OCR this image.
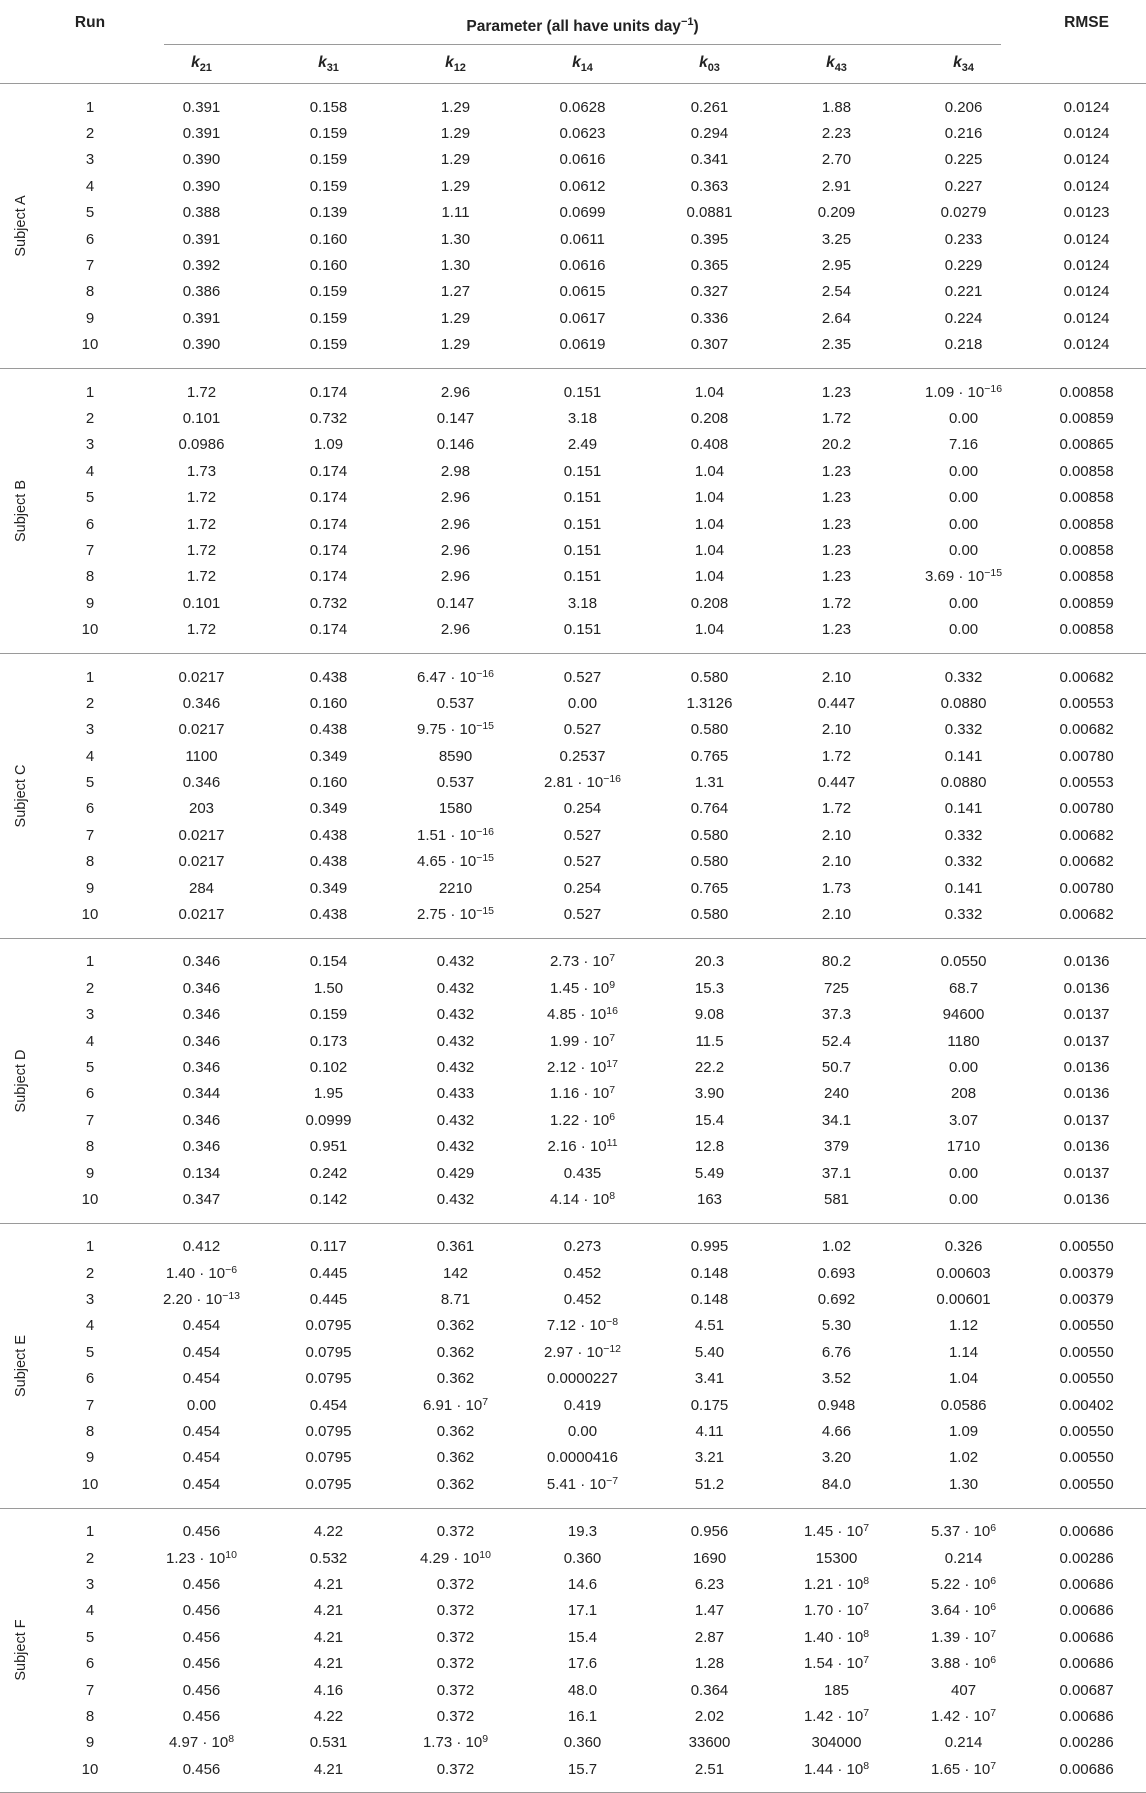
	Run	Parameter (all have units day$^{-1}$)							RMSE
		$k_{21}$	$k_{31}$	$k_{12}$	$k_{14}$	$k_{03}$	$k_{43}$	$k_{34}$

Subject A	1	0.391	0.158	1.29	0.0628	0.261	1.88	0.206	0.0124
	2	0.391	0.159	1.29	0.0623	0.294	2.23	0.216	0.0124
	3	0.390	0.159	1.29	0.0616	0.341	2.70	0.225	0.0124
	4	0.390	0.159	1.29	0.0612	0.363	2.91	0.227	0.0124
	5	0.388	0.139	1.11	0.0699	0.0881	0.209	0.0279	0.0123
	6	0.391	0.160	1.30	0.0611	0.395	3.25	0.233	0.0124
	7	0.392	0.160	1.30	0.0616	0.365	2.95	0.229	0.0124
	8	0.386	0.159	1.27	0.0615	0.327	2.54	0.221	0.0124
	9	0.391	0.159	1.29	0.0617	0.336	2.64	0.224	0.0124
	10	0.390	0.159	1.29	0.0619	0.307	2.35	0.218	0.0124

Subject B	1	1.72	0.174	2.96	0.151	1.04	1.23	$1.09 \cdot 10^{-16}$	0.00858
	2	0.101	0.732	0.147	3.18	0.208	1.72	0.00	0.00859
	3	0.0986	1.09	0.146	2.49	0.408	20.2	7.16	0.00865
	4	1.73	0.174	2.98	0.151	1.04	1.23	0.00	0.00858
	5	1.72	0.174	2.96	0.151	1.04	1.23	0.00	0.00858
	6	1.72	0.174	2.96	0.151	1.04	1.23	0.00	0.00858
	7	1.72	0.174	2.96	0.151	1.04	1.23	0.00	0.00858
	8	1.72	0.174	2.96	0.151	1.04	1.23	$3.69 \cdot 10^{-15}$	0.00858
	9	0.101	0.732	0.147	3.18	0.208	1.72	0.00	0.00859
	10	1.72	0.174	2.96	0.151	1.04	1.23	0.00	0.00858

Subject C	1	0.0217	0.438	$6.47 \cdot 10^{-16}$	0.527	0.580	2.10	0.332	0.00682
	2	0.346	0.160	0.537	0.00	1.3126	0.447	0.0880	0.00553
	3	0.0217	0.438	$9.75 \cdot 10^{-15}$	0.527	0.580	2.10	0.332	0.00682
	4	1100	0.349	8590	0.2537	0.765	1.72	0.141	0.00780
	5	0.346	0.160	0.537	$2.81 \cdot 10^{-16}$	1.31	0.447	0.0880	0.00553
	6	203	0.349	1580	0.254	0.764	1.72	0.141	0.00780
	7	0.0217	0.438	$1.51 \cdot 10^{-16}$	0.527	0.580	2.10	0.332	0.00682
	8	0.0217	0.438	$4.65 \cdot 10^{-15}$	0.527	0.580	2.10	0.332	0.00682
	9	284	0.349	2210	0.254	0.765	1.73	0.141	0.00780
	10	0.0217	0.438	$2.75 \cdot 10^{-15}$	0.527	0.580	2.10	0.332	0.00682

Subject D	1	0.346	0.154	0.432	$2.73 \cdot 10^7$	20.3	80.2	0.0550	0.0136
	2	0.346	1.50	0.432	$1.45 \cdot 10^9$	15.3	725	68.7	0.0136
	3	0.346	0.159	0.432	$4.85 \cdot 10^{16}$	9.08	37.3	94600	0.0137
	4	0.346	0.173	0.432	$1.99 \cdot 10^7$	11.5	52.4	1180	0.0137
	5	0.346	0.102	0.432	$2.12 \cdot 10^{17}$	22.2	50.7	0.00	0.0136
	6	0.344	1.95	0.433	$1.16 \cdot 10^7$	3.90	240	208	0.0136
	7	0.346	0.0999	0.432	$1.22 \cdot 10^6$	15.4	34.1	3.07	0.0137
	8	0.346	0.951	0.432	$2.16 \cdot 10^{11}$	12.8	379	1710	0.0136
	9	0.134	0.242	0.429	0.435	5.49	37.1	0.00	0.0137
	10	0.347	0.142	0.432	$4.14 \cdot 10^8$	163	581	0.00	0.0136

Subject E	1	0.412	0.117	0.361	0.273	0.995	1.02	0.326	0.00550
	2	$1.40 \cdot 10^{-6}$	0.445	142	0.452	0.148	0.693	0.00603	0.00379
	3	$2.20 \cdot 10^{-13}$	0.445	8.71	0.452	0.148	0.692	0.00601	0.00379
	4	0.454	0.0795	0.362	$7.12 \cdot 10^{-8}$	4.51	5.30	1.12	0.00550
	5	0.454	0.0795	0.362	$2.97 \cdot 10^{-12}$	5.40	6.76	1.14	0.00550
	6	0.454	0.0795	0.362	0.0000227	3.41	3.52	1.04	0.00550
	7	0.00	0.454	$6.91 \cdot 10^7$	0.419	0.175	0.948	0.0586	0.00402
	8	0.454	0.0795	0.362	0.00	4.11	4.66	1.09	0.00550
	9	0.454	0.0795	0.362	0.0000416	3.21	3.20	1.02	0.00550
	10	0.454	0.0795	0.362	$5.41 \cdot 10^{-7}$	51.2	84.0	1.30	0.00550

Subject F	1	0.456	4.22	0.372	19.3	0.956	$1.45 \cdot 10^7$	$5.37 \cdot 10^6$	0.00686
	2	$1.23 \cdot 10^{10}$	0.532	$4.29 \cdot 10^{10}$	0.360	1690	15300	0.214	0.00286
	3	0.456	4.21	0.372	14.6	6.23	$1.21 \cdot 10^8$	$5.22 \cdot 10^6$	0.00686
	4	0.456	4.21	0.372	17.1	1.47	$1.70 \cdot 10^7$	$3.64 \cdot 10^6$	0.00686
	5	0.456	4.21	0.372	15.4	2.87	$1.40 \cdot 10^8$	$1.39 \cdot 10^7$	0.00686
	6	0.456	4.21	0.372	17.6	1.28	$1.54 \cdot 10^7$	$3.88 \cdot 10^6$	0.00686
	7	0.456	4.16	0.372	48.0	0.364	185	407	0.00687
	8	0.456	4.22	0.372	16.1	2.02	$1.42 \cdot 10^7$	$1.42 \cdot 10^7$	0.00686
	9	$4.97 \cdot 10^8$	0.531	$1.73 \cdot 10^9$	0.360	33600	304000	0.214	0.00286
	10	0.456	4.21	0.372	15.7	2.51	$1.44 \cdot 10^8$	$1.65 \cdot 10^7$	0.00686
